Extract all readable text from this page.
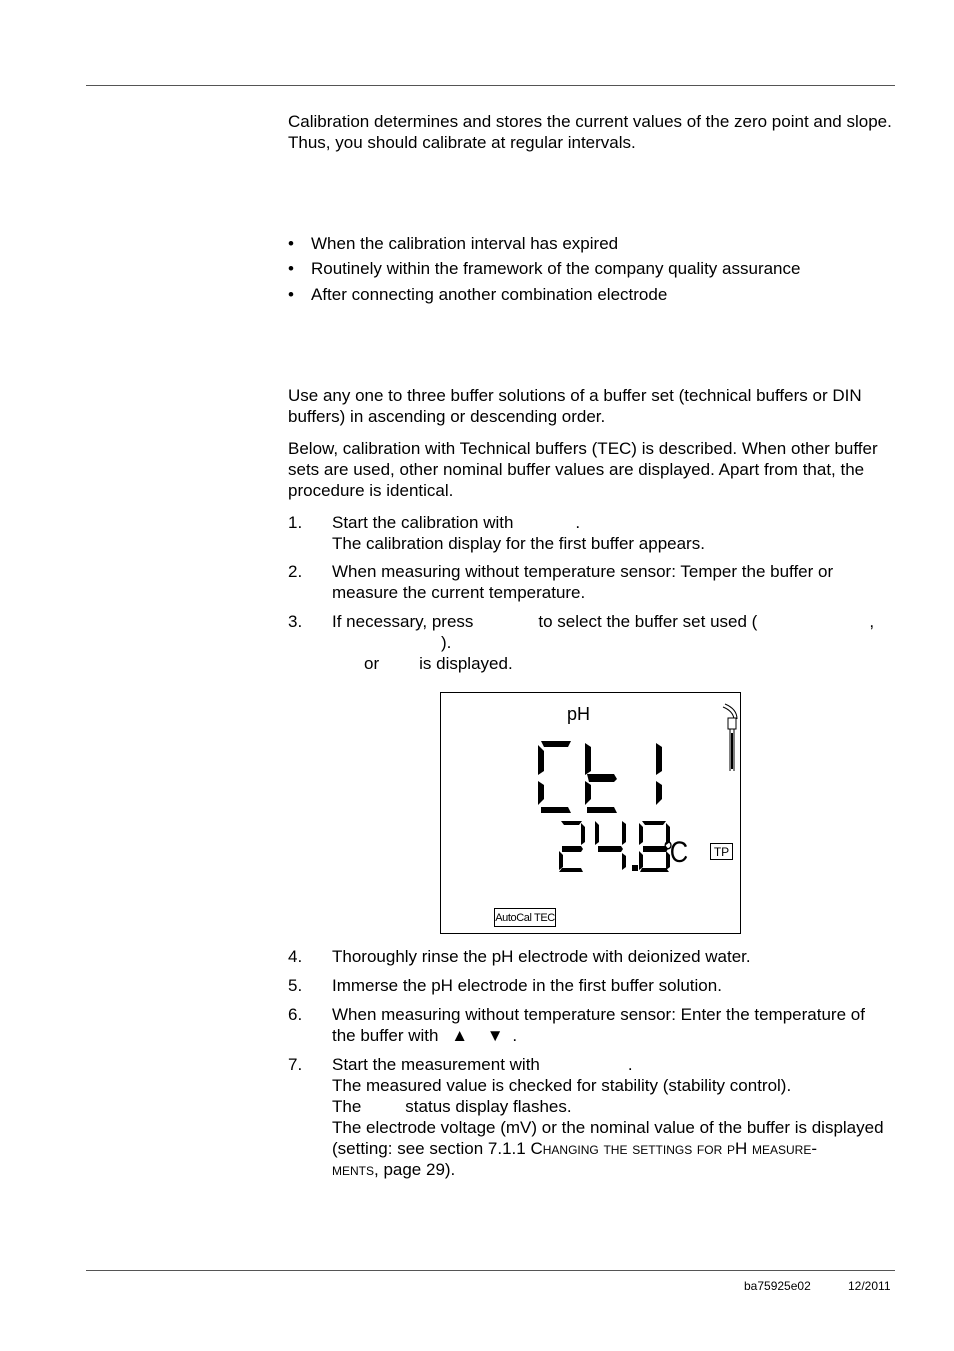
Calibration determines and stores the current values of the zero point and slope. Thus, you should calibrate at regular intervals.

• When the calibration interval has expired
• Routinely within the framework of the company quality assurance
• After connecting another combination electrode

Use any one to three buffer solutions of a buffer set (technical buffers or DIN buffers) in ascending or descending order.

Below, calibration with Technical buffers (TEC) is described. When other buffer sets are used, other nominal buffer values are displayed. Apart from that, the procedure is identical.

1. Start the calibration with	.
The calibration display for the first buffer appears.
2. When measuring without temperature sensor: Temper the buffer or measure the current temperature.
3. If necessary, press	to select the buffer set used (	,
).
or is displayed.
pH
°C	TP
AutoCal TEC
4. Thoroughly rinse the pH electrode with deionized water.
5. Immerse the pH electrode in the first buffer solution.
6. When measuring without temperature sensor: Enter the temperature of the buffer with ▲ ▼ .
7. Start the measurement with	.
The measured value is checked for stability (stability control).
The	status display flashes.
The electrode voltage (mV) or the nominal value of the buffer is displayed (setting: see section 7.1.1 Changing the settings for pH measure-
ments, page 29).
ba75925e02	12/2011
